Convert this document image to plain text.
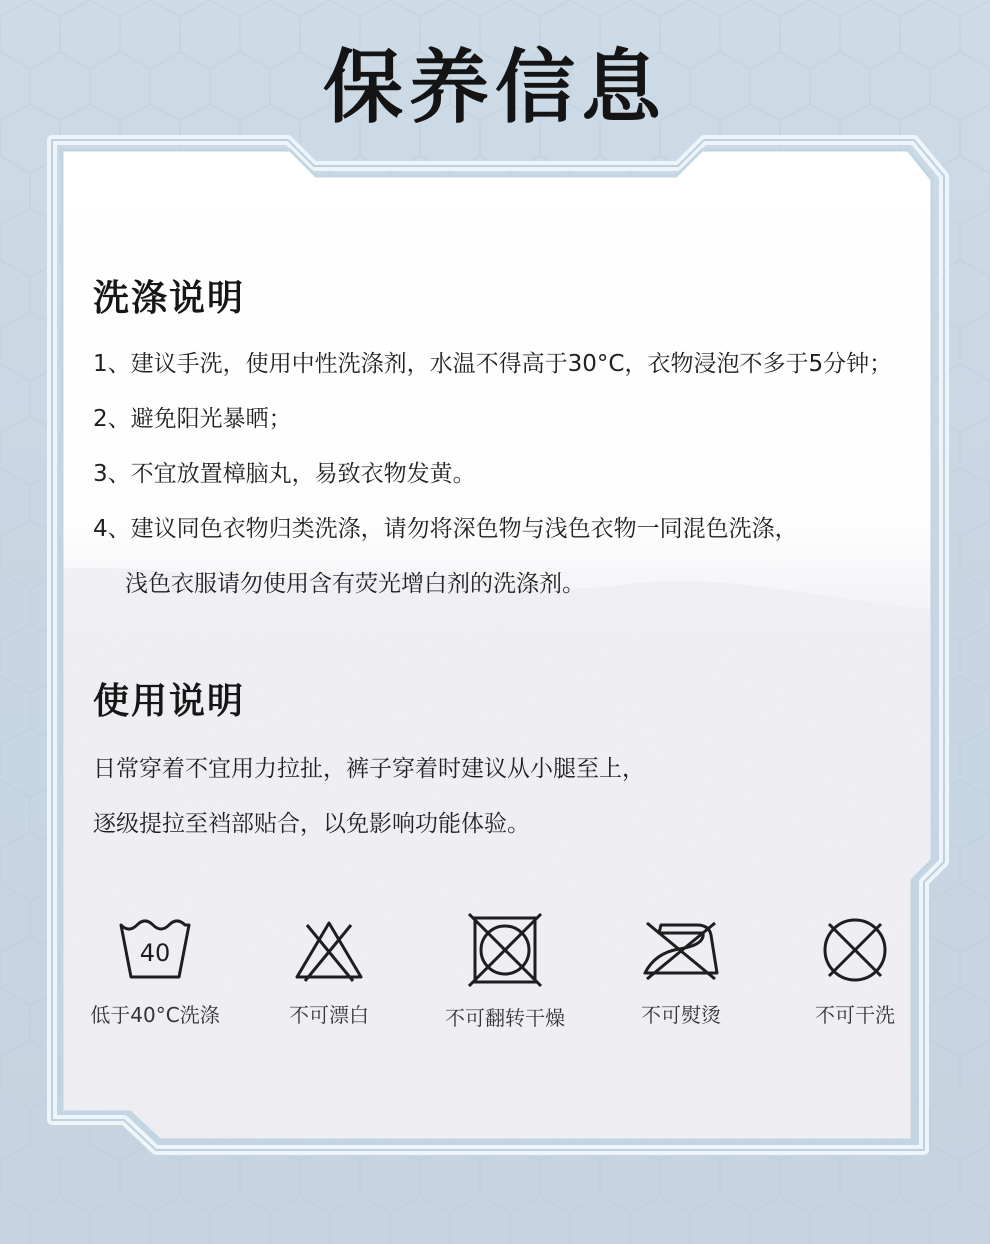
保养信息
洗涤说明

1、建议手洗，使用中性洗涤剂，水温不得高于30°C，衣物浸泡不多于5分钟；

2、避免阳光暴晒；

3、不宜放置樟脑丸，易致衣物发黄。

4、建议同色衣物归类洗涤，请勿将深色物与浅色衣物一同混色洗涤，

浅色衣服请勿使用含有荧光增白剂的洗涤剂。

使用说明

日常穿着不宜用力拉扯，裤子穿着时建议从小腿至上，

逐级提拉至裆部贴合，以免影响功能体验。

40
低于40°C洗涤	不可漂白	不可翻转干燥	不可熨烫	不可干洗
